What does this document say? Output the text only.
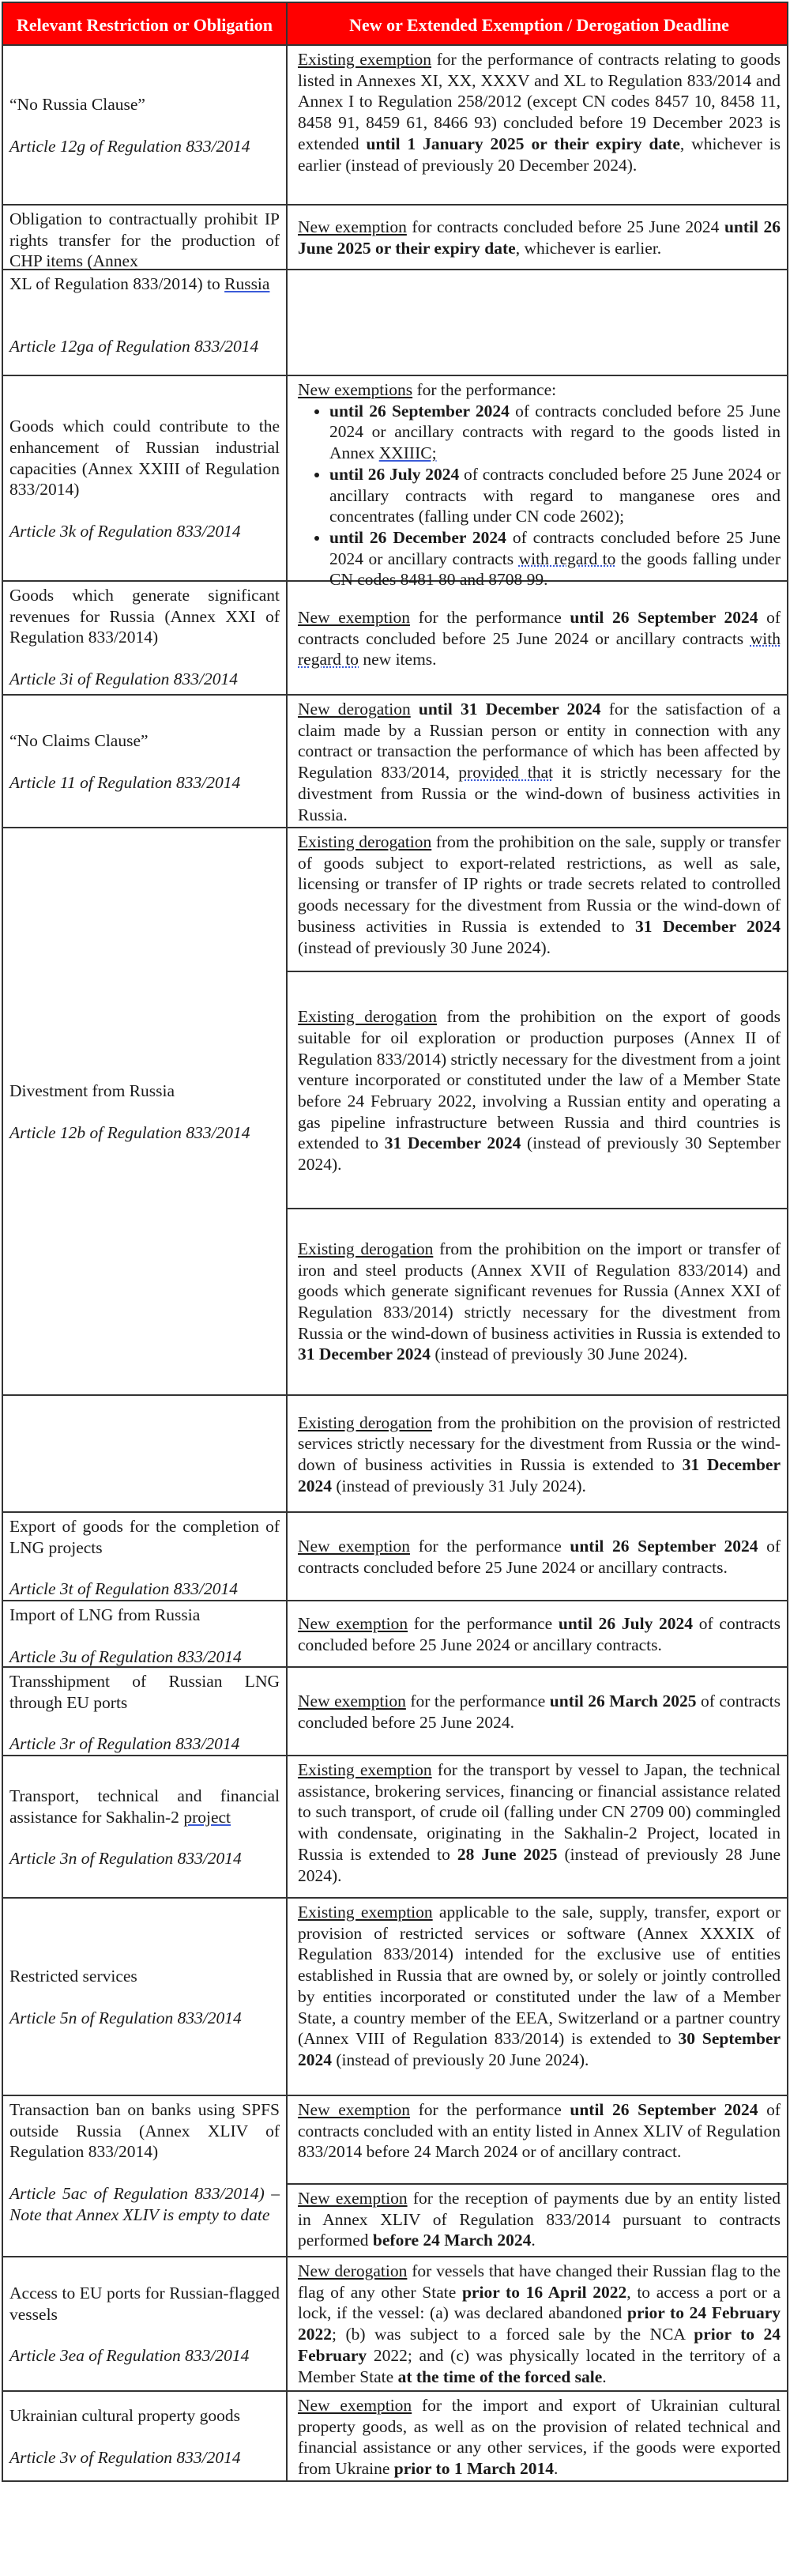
Relevant Restriction or Obligation	New or Extended Exemption / Derogation Deadline
“No Russia Clause”
Article 12g of Regulation 833/2014
Existing exemption for the performance of contracts relating to goods listed in Annexes XI, XX, XXXV and XL to Regulation 833/2014 and Annex I to Regulation 258/2012 (except CN codes 8457 10, 8458 11, 8458 91, 8459 61, 8466 93) concluded before 19 December 2023 is extended until 1 January 2025 or their expiry date, whichever is earlier (instead of previously 20 December 2024).
Obligation to contractually prohibit IP rights transfer for the production of CHP items (Annex
New exemption for contracts concluded before 25 June 2024 until 26 June 2025 or their expiry date, whichever is earlier.
XL of Regulation 833/2014) to Russia
Article 12ga of Regulation 833/2014
Goods which could contribute to the enhancement of Russian industrial capacities (Annex XXIII of Regulation 833/2014)
Article 3k of Regulation 833/2014
New exemptions for the performance:
• until 26 September 2024 of contracts concluded before 25 June 2024 or ancillary contracts with regard to the goods listed in Annex XXIIIC;
• until 26 July 2024 of contracts concluded before 25 June 2024 or ancillary contracts with regard to manganese ores and concentrates (falling under CN code 2602);
• until 26 December 2024 of contracts concluded before 25 June 2024 or ancillary contracts with regard to the goods falling under CN codes 8481 80 and 8708 99.
Goods which generate significant revenues for Russia (Annex XXI of Regulation 833/2014)
Article 3i of Regulation 833/2014
New exemption for the performance until 26 September 2024 of contracts concluded before 25 June 2024 or ancillary contracts with regard to new items.
“No Claims Clause”
Article 11 of Regulation 833/2014
New derogation until 31 December 2024 for the satisfaction of a claim made by a Russian person or entity in connection with any contract or transaction the performance of which has been affected by Regulation 833/2014, provided that it is strictly necessary for the divestment from Russia or the wind-down of business activities in Russia.
Divestment from Russia
Article 12b of Regulation 833/2014
Existing derogation from the prohibition on the sale, supply or transfer of goods subject to export-related restrictions, as well as sale, licensing or transfer of IP rights or trade secrets related to controlled goods necessary for the divestment from Russia or the wind-down of business activities in Russia is extended to 31 December 2024 (instead of previously 30 June 2024).
Existing derogation from the prohibition on the export of goods suitable for oil exploration or production purposes (Annex II of Regulation 833/2014) strictly necessary for the divestment from a joint venture incorporated or constituted under the law of a Member State before 24 February 2022, involving a Russian entity and operating a gas pipeline infrastructure between Russia and third countries is extended to 31 December 2024 (instead of previously 30 September 2024).
Existing derogation from the prohibition on the import or transfer of iron and steel products (Annex XVII of Regulation 833/2014) and goods which generate significant revenues for Russia (Annex XXI of Regulation 833/2014) strictly necessary for the divestment from Russia or the wind-down of business activities in Russia is extended to 31 December 2024 (instead of previously 30 June 2024).
Existing derogation from the prohibition on the provision of restricted services strictly necessary for the divestment from Russia or the wind-down of business activities in Russia is extended to 31 December 2024 (instead of previously 31 July 2024).
Export of goods for the completion of LNG projects
Article 3t of Regulation 833/2014
New exemption for the performance until 26 September 2024 of contracts concluded before 25 June 2024 or ancillary contracts.
Import of LNG from Russia
Article 3u of Regulation 833/2014
New exemption for the performance until 26 July 2024 of contracts concluded before 25 June 2024 or ancillary contracts.
Transshipment of Russian LNG through EU ports
Article 3r of Regulation 833/2014
New exemption for the performance until 26 March 2025 of contracts concluded before 25 June 2024.
Transport, technical and financial assistance for Sakhalin-2 project
Article 3n of Regulation 833/2014
Existing exemption for the transport by vessel to Japan, the technical assistance, brokering services, financing or financial assistance related to such transport, of crude oil (falling under CN 2709 00) commingled with condensate, originating in the Sakhalin-2 Project, located in Russia is extended to 28 June 2025 (instead of previously 28 June 2024).
Restricted services
Article 5n of Regulation 833/2014
Existing exemption applicable to the sale, supply, transfer, export or provision of restricted services or software (Annex XXXIX of Regulation 833/2014) intended for the exclusive use of entities established in Russia that are owned by, or solely or jointly controlled by entities incorporated or constituted under the law of a Member State, a country member of the EEA, Switzerland or a partner country (Annex VIII of Regulation 833/2014) is extended to 30 September 2024 (instead of previously 20 June 2024).
Transaction ban on banks using SPFS outside Russia (Annex XLIV of Regulation 833/2014)
Article 5ac of Regulation 833/2014) – Note that Annex XLIV is empty to date
New exemption for the performance until 26 September 2024 of contracts concluded with an entity listed in Annex XLIV of Regulation 833/2014 before 24 March 2024 or of ancillary contract.
New exemption for the reception of payments due by an entity listed in Annex XLIV of Regulation 833/2014 pursuant to contracts performed before 24 March 2024.
Access to EU ports for Russian-flagged vessels
Article 3ea of Regulation 833/2014
New derogation for vessels that have changed their Russian flag to the flag of any other State prior to 16 April 2022, to access a port or a lock, if the vessel: (a) was declared abandoned prior to 24 February 2022; (b) was subject to a forced sale by the NCA prior to 24 February 2022; and (c) was physically located in the territory of a Member State at the time of the forced sale.
Ukrainian cultural property goods
Article 3v of Regulation 833/2014
New exemption for the import and export of Ukrainian cultural property goods, as well as on the provision of related technical and financial assistance or any other services, if the goods were exported from Ukraine prior to 1 March 2014.
